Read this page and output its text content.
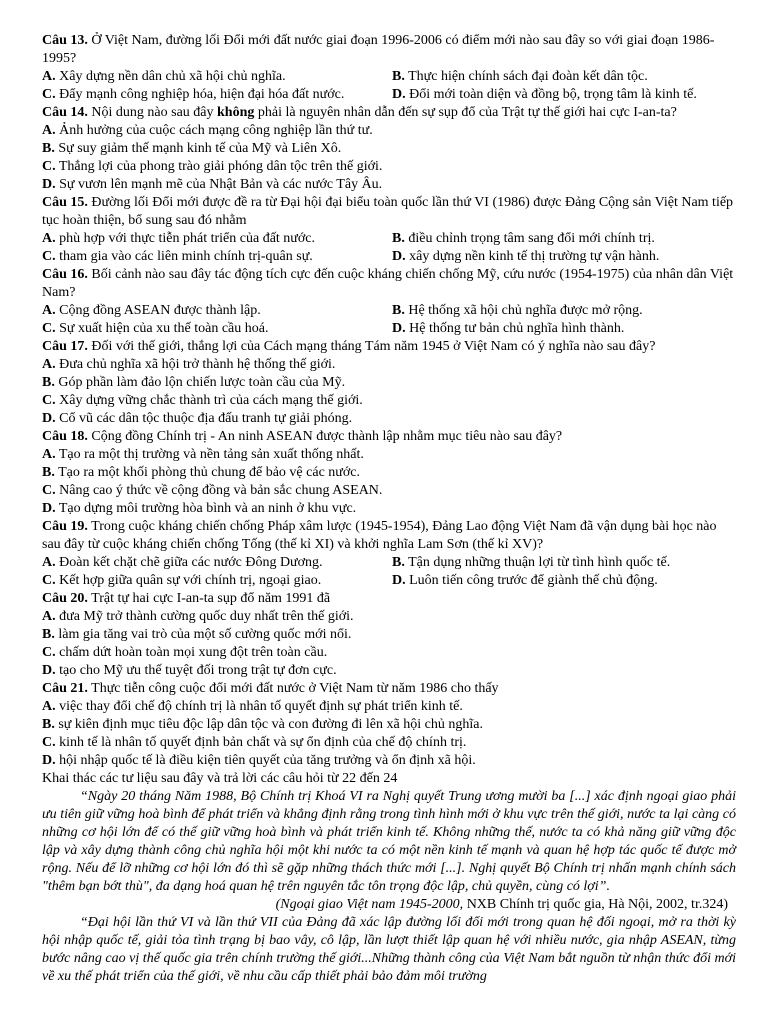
Câu 13. Ở Việt Nam, đường lối Đổi mới đất nước giai đoạn 1996-2006 có điểm mới nào sau đây so với giai đoạn 1986-1995?
A. Xây dựng nền dân chủ xã hội chủ nghĩa.	B. Thực hiện chính sách đại đoàn kết dân tộc.
C. Đẩy mạnh công nghiệp hóa, hiện đại hóa đất nước.	D. Đổi mới toàn diện và đồng bộ, trọng tâm là kinh tế.
Câu 14. Nội dung nào sau đây không phải là nguyên nhân dẫn đến sự sụp đổ của Trật tự thế giới hai cực I-an-ta?
A. Ảnh hưởng của cuộc cách mạng công nghiệp lần thứ tư.
B. Sự suy giảm thế mạnh kinh tế của Mỹ và Liên Xô.
C. Thắng lợi của phong trào giải phóng dân tộc trên thế giới.
D. Sự vươn lên mạnh mẽ của Nhật Bản và các nước Tây Âu.
Câu 15. Đường lối Đổi mới được đề ra từ Đại hội đại biểu toàn quốc lần thứ VI (1986) được Đảng Cộng sản Việt Nam tiếp tục hoàn thiện, bổ sung sau đó nhằm
A. phù hợp với thực tiễn phát triển của đất nước.	B. điều chỉnh trọng tâm sang đổi mới chính trị.
C. tham gia vào các liên minh chính trị-quân sự.	D. xây dựng nền kinh tế thị trường tự vận hành.
Câu 16. Bối cảnh nào sau đây tác động tích cực đến cuộc kháng chiến chống Mỹ, cứu nước (1954-1975) của nhân dân Việt Nam?
A. Cộng đồng ASEAN được thành lập.	B. Hệ thống xã hội chủ nghĩa được mở rộng.
C. Sự xuất hiện của xu thế toàn cầu hoá.	D. Hệ thống tư bản chủ nghĩa hình thành.
Câu 17. Đối với thế giới, thắng lợi của Cách mạng tháng Tám năm 1945 ở Việt Nam có ý nghĩa nào sau đây?
A. Đưa chủ nghĩa xã hội trở thành hệ thống thế giới.
B. Góp phần làm đảo lộn chiến lược toàn cầu của Mỹ.
C. Xây dựng vững chắc thành trì của cách mạng thế giới.
D. Cổ vũ các dân tộc thuộc địa đấu tranh tự giải phóng.
Câu 18. Cộng đồng Chính trị - An ninh ASEAN được thành lập nhằm mục tiêu nào sau đây?
A. Tạo ra một thị trường và nền tảng sản xuất thống nhất.
B. Tạo ra một khối phòng thủ chung để bảo vệ các nước.
C. Nâng cao ý thức về cộng đồng và bản sắc chung ASEAN.
D. Tạo dựng môi trường hòa bình và an ninh ở khu vực.
Câu 19. Trong cuộc kháng chiến chống Pháp xâm lược (1945-1954), Đảng Lao động Việt Nam đã vận dụng bài học nào sau đây từ cuộc kháng chiến chống Tống (thế kỉ XI) và khởi nghĩa Lam Sơn (thế kỉ XV)?
A. Đoàn kết chặt chẽ giữa các nước Đông Dương.	B. Tận dụng những thuận lợi từ tình hình quốc tế.
C. Kết hợp giữa quân sự với chính trị, ngoại giao.	D. Luôn tiến công trước để giành thế chủ động.
Câu 20. Trật tự hai cực I-an-ta sụp đổ năm 1991 đã
A. đưa Mỹ trở thành cường quốc duy nhất trên thế giới.
B. làm gia tăng vai trò của một số cường quốc mới nổi.
C. chấm dứt hoàn toàn mọi xung đột trên toàn cầu.
D. tạo cho Mỹ ưu thế tuyệt đối trong trật tự đơn cực.
Câu 21. Thực tiễn công cuộc đổi mới đất nước ở Việt Nam từ năm 1986 cho thấy
A. việc thay đổi chế độ chính trị là nhân tố quyết định sự phát triển kinh tế.
B. sự kiên định mục tiêu độc lập dân tộc và con đường đi lên xã hội chủ nghĩa.
C. kinh tế là nhân tố quyết định bản chất và sự ổn định của chế độ chính trị.
D. hội nhập quốc tế là điều kiện tiên quyết của tăng trưởng và ổn định xã hội.
Khai thác các tư liệu sau đây và trả lời các câu hỏi từ 22 đến 24
“Ngày 20 tháng Năm 1988, Bộ Chính trị Khoá VI ra Nghị quyết Trung ương mười ba [...] xác định ngoại giao phải ưu tiên giữ vững hoà bình để phát triển và khẳng định rằng trong tình hình mới ở khu vực trên thế giới, nước ta lại càng có những cơ hội lớn để có thế giữ vững hoà bình và phát triển kinh tế. Không những thế, nước ta có khả năng giữ vững độc lập và xây dựng thành công chủ nghĩa hội một khi nước ta có một nền kinh tế mạnh và quan hệ hợp tác quốc tế được mở rộng. Nếu để lỡ những cơ hội lớn đó thì sẽ gặp những thách thức mới [...]. Nghị quyết Bộ Chính trị nhấn mạnh chính sách "thêm bạn bớt thù", đa dạng hoá quan hệ trên nguyên tắc tôn trọng độc lập, chủ quyền, cùng có lợi”.
(Ngoại giao Việt nam 1945-2000, NXB Chính trị quốc gia, Hà Nội, 2002, tr.324)
“Đại hội lần thứ VI và lần thứ VII của Đảng đã xác lập đường lối đổi mới trong quan hệ đối ngoại, mở ra thời kỳ hội nhập quốc tế, giải tỏa tình trạng bị bao vây, cô lập, lần lượt thiết lập quan hệ với nhiều nước, gia nhập ASEAN, từng bước nâng cao vị thế quốc gia trên chính trường thế giới...Những thành công của Việt Nam bắt nguồn từ nhận thức đổi mới về xu thế phát triển của thế giới, về nhu cầu cấp thiết phải bảo đảm môi trường
